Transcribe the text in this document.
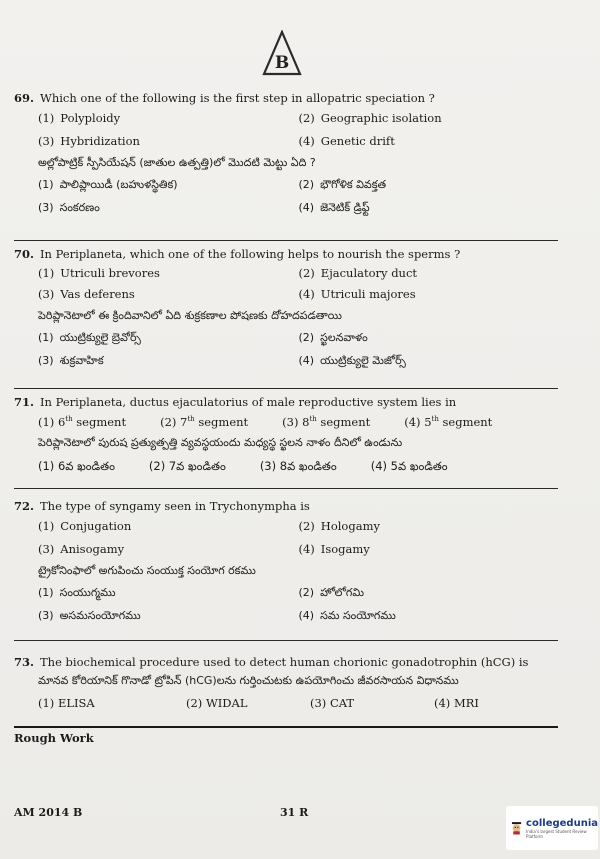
B
69. Which one of the following is the first step in allopatric speciation ?
(1) Polyploidy	(2) Geographic isolation
(3) Hybridization	(4) Genetic drift
అల్లోపాట్రిక్ స్పీసియేషన్ (జాతుల ఉత్పత్తి)లో మొదటి మెట్టు ఏది ?
(1) పాలిప్లాయిడీ (బహుళస్థితిక)	(2) భౌగోళిక వివక్తత
(3) సంకరణం	(4) జెనెటిక్ డ్రిఫ్ట్
70. In Periplaneta, which one of the following helps to nourish the sperms ?
(1) Utriculi brevores	(2) Ejaculatory duct
(3) Vas deferens	(4) Utriculi majores
పెరిప్లానెటాలో ఈ క్రిందివానిలో ఏది శుక్రకణాల పోషణకు దోహదపడతాయి
(1) యుట్రిక్యులై బ్రెవోర్స్	(2) స్ఖలనవాళం
(3) శుక్రవాహిక	(4) యుట్రిక్యులై మెజోర్స్
71. In Periplaneta, ductus ejaculatorius of male reproductive system lies in
(1) 6th segment	(2) 7th segment	(3) 8th segment	(4) 5th segment
పెరిప్లానెటాలో పురుష ప్రత్యుత్పత్తి వ్యవస్థయందు మధ్యస్థ స్ఖలన నాళం దీనిలో ఉండును
(1) 6వ ఖండితం	(2) 7వ ఖండితం	(3) 8వ ఖండితం	(4) 5వ ఖండితం
72. The type of syngamy seen in Trychonympha is
(1) Conjugation	(2) Hologamy
(3) Anisogamy	(4) Isogamy
ట్రైకోనింఫాలో అగుపించు సంయుక్త సంయోగ రకము
(1) సంయుగ్మము	(2) హోలోగమి
(3) అసమసంయోగము	(4) సమ సంయోగము
73. The biochemical procedure used to detect human chorionic gonadotrophin (hCG) is
మానవ కోరియానిక్ గొనాడో ట్రోపిన్ (hCG)లను గుర్తించుటకు ఉపయోగించు జీవరసాయన విధానము
(1) ELISA	(2) WIDAL	(3) CAT	(4) MRI
Rough Work
AM 2014 B	31 R
collegedunia
India's largest Student Review Platform
